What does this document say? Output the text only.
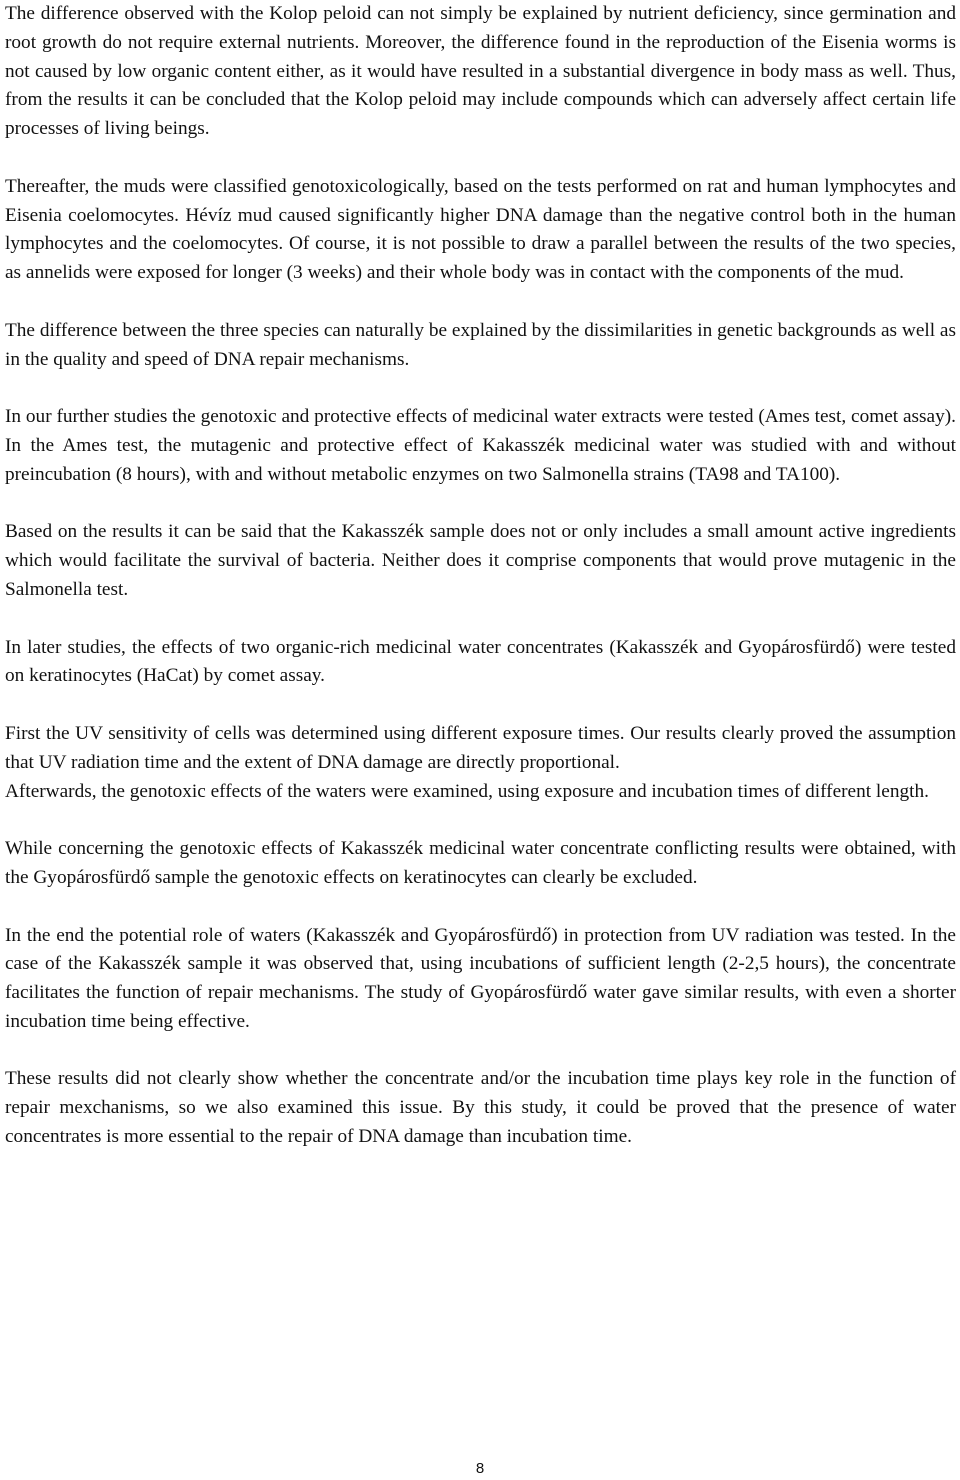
The difference observed with the Kolop peloid can not simply be explained by nutrient deficiency, since germination and root growth do not require external nutrients. Moreover, the difference found in the reproduction of the Eisenia worms is not caused by low organic content either, as it would have resulted in a substantial divergence in body mass as well. Thus, from the results it can be concluded that the Kolop peloid may include compounds which can adversely affect certain life processes of living beings.

Thereafter, the muds were classified genotoxicologically, based on the tests performed on rat and human lymphocytes and Eisenia coelomocytes. Hévíz mud caused significantly higher DNA damage than the negative control both in the human lymphocytes and the coelomocytes. Of course, it is not possible to draw a parallel between the results of the two species, as annelids were exposed for longer (3 weeks) and their whole body was in contact with the components of the mud.

The difference between the three species can naturally be explained by the dissimilarities in genetic backgrounds as well as in the quality and speed of DNA repair mechanisms.

In our further studies the genotoxic and protective effects of medicinal water extracts were tested (Ames test, comet assay). In the Ames test, the mutagenic and protective effect of Kakasszék medicinal water was studied with and without preincubation (8 hours), with and without metabolic enzymes on two Salmonella strains (TA98 and TA100).

Based on the results it can be said that the Kakasszék sample does not or only includes a small amount active ingredients which would facilitate the survival of bacteria. Neither does it comprise components that would prove mutagenic in the Salmonella test.

In later studies, the effects of two organic-rich medicinal water concentrates (Kakasszék and Gyopárosfürdő) were tested on keratinocytes (HaCat) by comet assay.

First the UV sensitivity of cells was determined using different exposure times. Our results clearly proved the assumption that UV radiation time and the extent of DNA damage are directly proportional.

Afterwards, the genotoxic effects of the waters were examined, using exposure and incubation times of different length.

While concerning the genotoxic effects of Kakasszék medicinal water concentrate conflicting results were obtained, with the Gyopárosfürdő sample the genotoxic effects on keratinocytes can clearly be excluded.

In the end the potential role of waters (Kakasszék and Gyopárosfürdő) in protection from UV radiation was tested. In the case of the Kakasszék sample it was observed that, using incubations of sufficient length (2-2,5 hours), the concentrate facilitates the function of repair mechanisms. The study of Gyopárosfürdő water gave similar results, with even a shorter incubation time being effective.

These results did not clearly show whether the concentrate and/or the incubation time plays key role in the function of repair mexchanisms, so we also examined this issue. By this study, it could be proved that the presence of water concentrates is more essential to the repair of DNA damage than incubation time.

8
